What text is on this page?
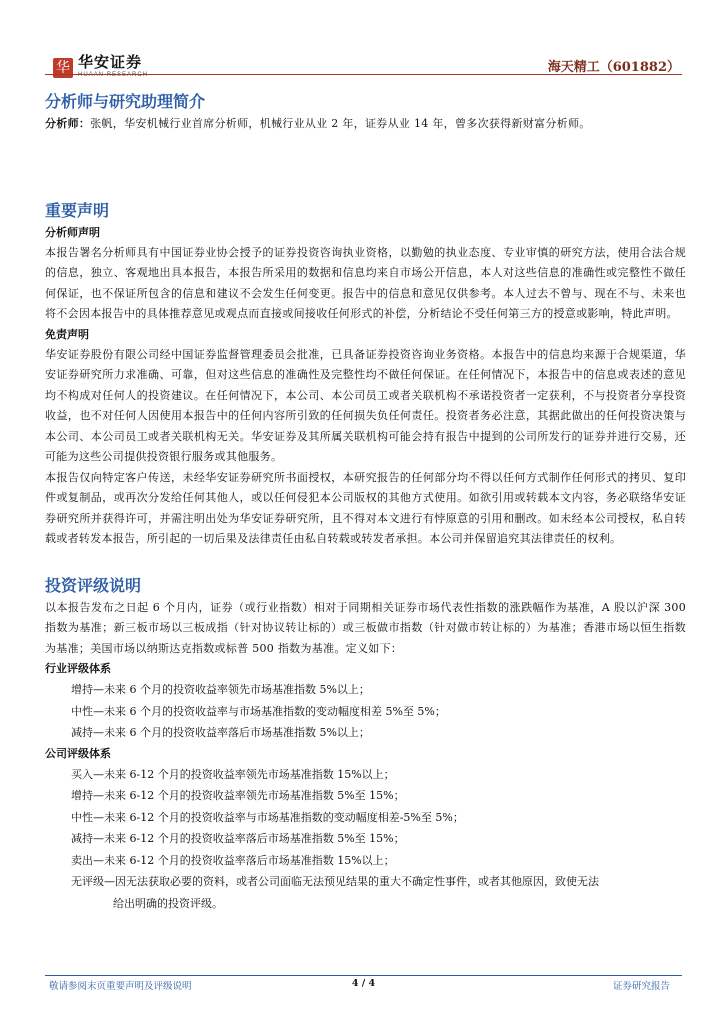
华 华安证券
HUAAN RESEARCH	海天精工（601882）
分析师与研究助理简介
分析师：张帆，华安机械行业首席分析师，机械行业从业 2 年，证券从业 14 年，曾多次获得新财富分析师。
重要声明
分析师声明
本报告署名分析师具有中国证券业协会授予的证券投资咨询执业资格，以勤勉的执业态度、专业审慎的研究方法，使用合法合规的信息，独立、客观地出具本报告，本报告所采用的数据和信息均来自市场公开信息，本人对这些信息的准确性或完整性不做任何保证，也不保证所包含的信息和建议不会发生任何变更。报告中的信息和意见仅供参考。本人过去不曾与、现在不与、未来也将不会因本报告中的具体推荐意见或观点而直接或间接收任何形式的补偿，分析结论不受任何第三方的授意或影响，特此声明。
免责声明
华安证券股份有限公司经中国证券监督管理委员会批准，已具备证券投资咨询业务资格。本报告中的信息均来源于合规渠道，华安证券研究所力求准确、可靠，但对这些信息的准确性及完整性均不做任何保证。在任何情况下，本报告中的信息或表述的意见均不构成对任何人的投资建议。在任何情况下，本公司、本公司员工或者关联机构不承诺投资者一定获利，不与投资者分享投资收益，也不对任何人因使用本报告中的任何内容所引致的任何损失负任何责任。投资者务必注意，其据此做出的任何投资决策与本公司、本公司员工或者关联机构无关。华安证券及其所属关联机构可能会持有报告中提到的公司所发行的证券并进行交易，还可能为这些公司提供投资银行服务或其他服务。
本报告仅向特定客户传送，未经华安证券研究所书面授权，本研究报告的任何部分均不得以任何方式制作任何形式的拷贝、复印件或复制品，或再次分发给任何其他人，或以任何侵犯本公司版权的其他方式使用。如欲引用或转载本文内容，务必联络华安证券研究所并获得许可，并需注明出处为华安证券研究所，且不得对本文进行有悖原意的引用和删改。如未经本公司授权，私自转载或者转发本报告，所引起的一切后果及法律责任由私自转载或转发者承担。本公司并保留追究其法律责任的权利。
投资评级说明
以本报告发布之日起 6 个月内，证券（或行业指数）相对于同期相关证券市场代表性指数的涨跌幅作为基准，A 股以沪深 300 指数为基准；新三板市场以三板成指（针对协议转让标的）或三板做市指数（针对做市转让标的）为基准；香港市场以恒生指数为基准；美国市场以纳斯达克指数或标普 500 指数为基准。定义如下：
行业评级体系
增持—未来 6 个月的投资收益率领先市场基准指数 5%以上；
中性—未来 6 个月的投资收益率与市场基准指数的变动幅度相差 5%至 5%；
减持—未来 6 个月的投资收益率落后市场基准指数 5%以上；
公司评级体系
买入—未来 6-12 个月的投资收益率领先市场基准指数 15%以上；
增持—未来 6-12 个月的投资收益率领先市场基准指数 5%至 15%；
中性—未来 6-12 个月的投资收益率与市场基准指数的变动幅度相差-5%至 5%；
减持—未来 6-12 个月的投资收益率落后市场基准指数 5%至 15%；
卖出—未来 6-12 个月的投资收益率落后市场基准指数 15%以上；
无评级—因无法获取必要的资料，或者公司面临无法预见结果的重大不确定性事件，或者其他原因，致使无法
给出明确的投资评级。
敬请参阅末页重要声明及评级说明	4 / 4	证券研究报告
